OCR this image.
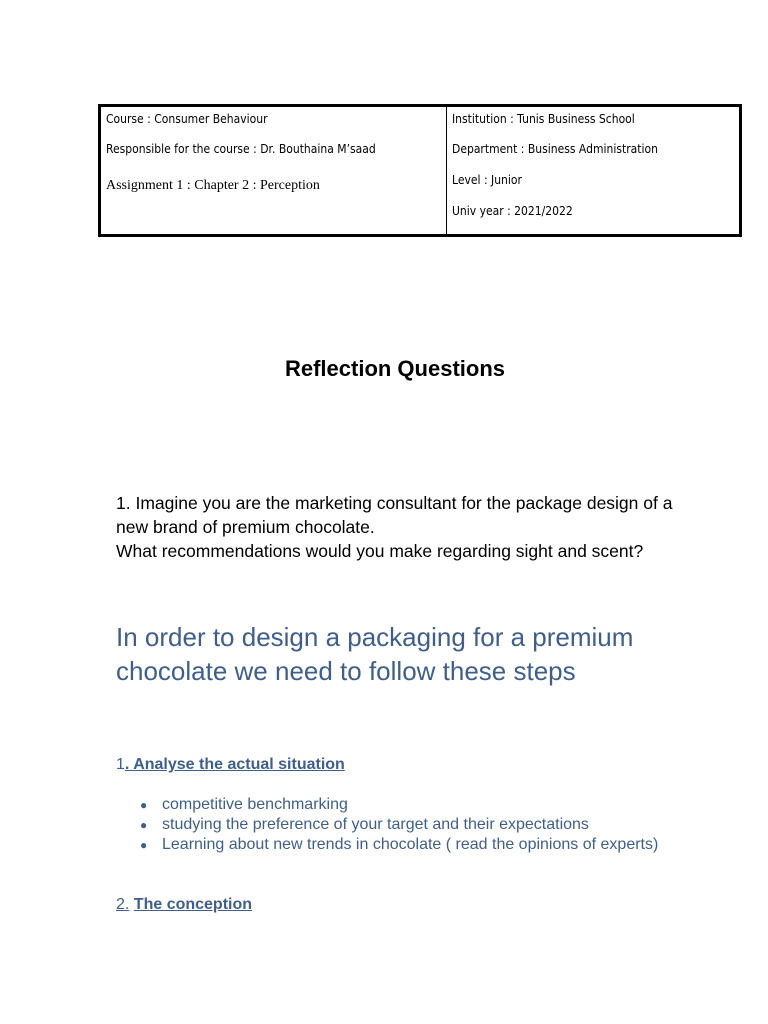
Course : Consumer Behaviour
Responsible for the course : Dr. Bouthaina M’saad
Assignment 1 : Chapter 2 : Perception
Institution : Tunis Business School
Department : Business Administration
Level : Junior
Univ year : 2021/2022
Reflection Questions

1. Imagine you are the marketing consultant for the package design of a new brand of premium chocolate.
What recommendations would you make regarding sight and scent?

In order to design a packaging for a premium chocolate we need to follow these steps

1. Analyse the actual situation
● competitive benchmarking
● studying the preference of your target and their expectations
● Learning about new trends in chocolate ( read the opinions of experts)
2. The conception
